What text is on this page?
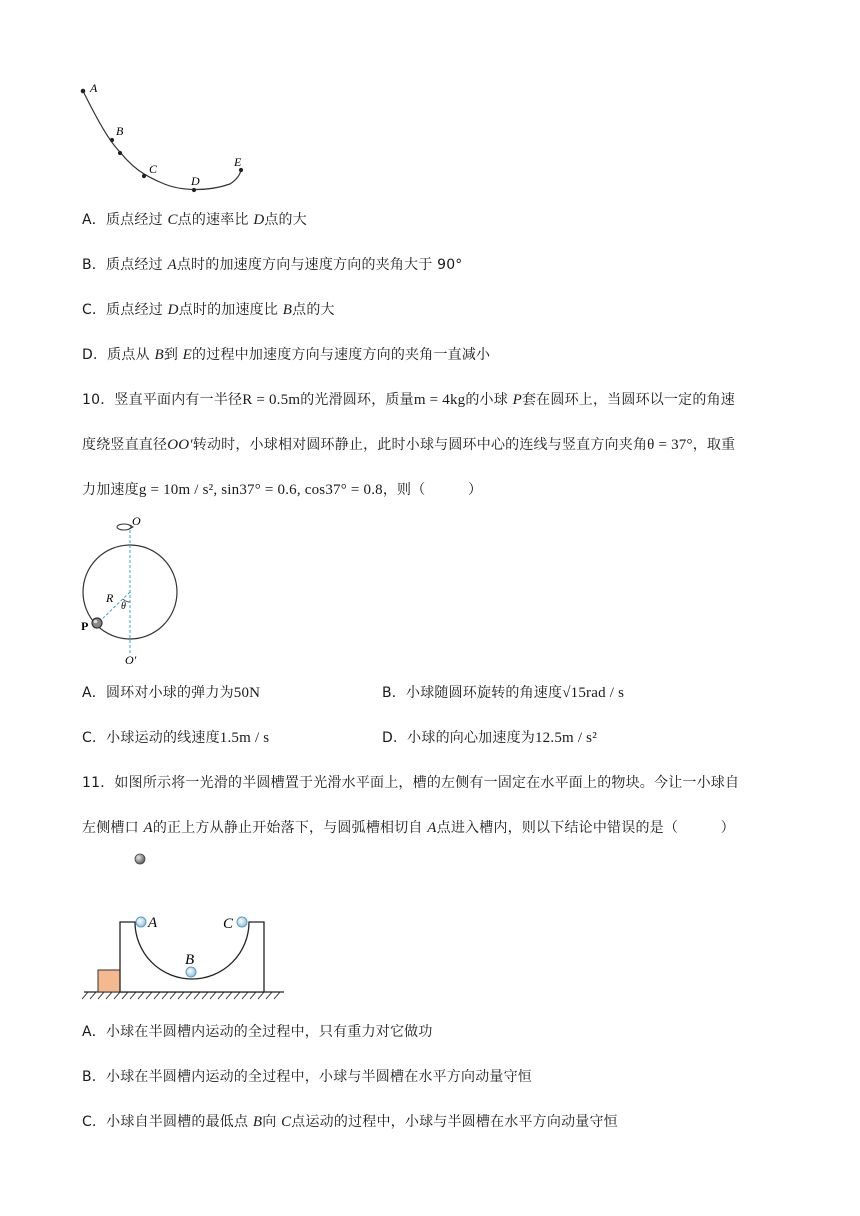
A
B
C
D
E
A．质点经过 C点的速率比 D点的大
B．质点经过 A点时的加速度方向与速度方向的夹角大于 90°
C．质点经过 D点时的加速度比 B点的大
D．质点从 B到 E的过程中加速度方向与速度方向的夹角一直减小
10．竖直平面内有一半径R = 0.5m的光滑圆环，质量m = 4kg的小球 P套在圆环上，当圆环以一定的角速
度绕竖直直径OO′转动时，小球相对圆环静止，此时小球与圆环中心的连线与竖直方向夹角θ = 37°，取重
力加速度g = 10m / s², sin37° = 0.6, cos37° = 0.8，则（　　　）
O
R
θ
P
O′
A．圆环对小球的弹力为50N	B．小球随圆环旋转的角速度√15rad / s
C．小球运动的线速度1.5m / s	D．小球的向心加速度为12.5m / s²
11．如图所示将一光滑的半圆槽置于光滑水平面上，槽的左侧有一固定在水平面上的物块。今让一小球自
左侧槽口 A的正上方从静止开始落下，与圆弧槽相切自 A点进入槽内，则以下结论中错误的是（　　　）
A
B
C
A．小球在半圆槽内运动的全过程中，只有重力对它做功
B．小球在半圆槽内运动的全过程中，小球与半圆槽在水平方向动量守恒
C．小球自半圆槽的最低点 B向 C点运动的过程中，小球与半圆槽在水平方向动量守恒
